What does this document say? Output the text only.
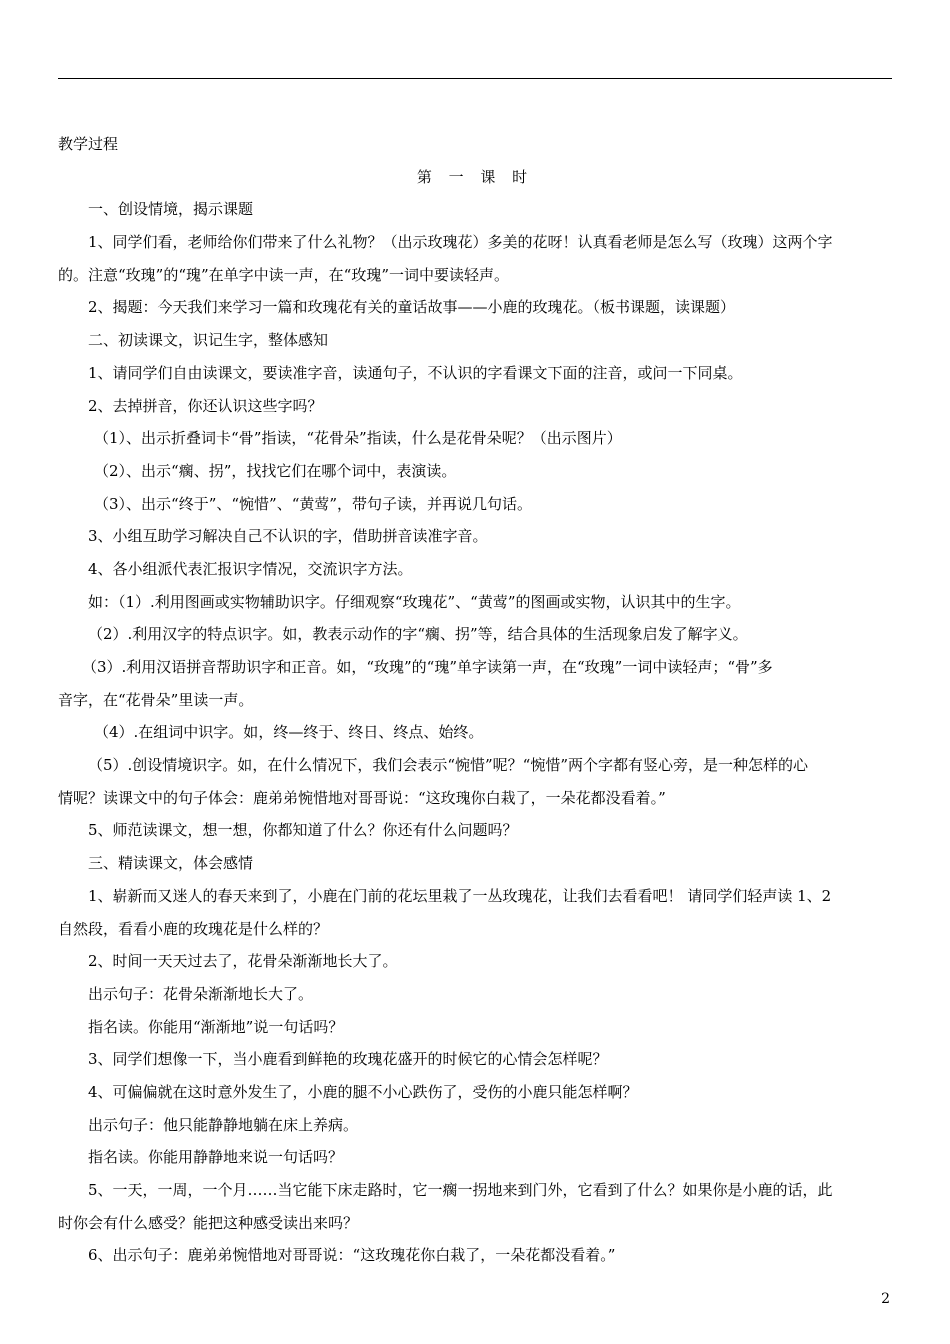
教学过程
第 一 课 时
一、创设情境，揭示课题
1、同学们看，老师给你们带来了什么礼物？（出示玫瑰花）多美的花呀！认真看老师是怎么写（玫瑰）这两个字
的。注意“玫瑰”的“瑰”在单字中读一声，在“玫瑰”一词中要读轻声。
2、揭题：今天我们来学习一篇和玫瑰花有关的童话故事——小鹿的玫瑰花。（板书课题，读课题）
二、初读课文，识记生字，整体感知
1、请同学们自由读课文，要读准字音，读通句子，不认识的字看课文下面的注音，或问一下同桌。
2、去掉拼音，你还认识这些字吗？
（1）、出示折叠词卡“骨”指读，“花骨朵”指读，什么是花骨朵呢？（出示图片）
（2）、出示“瘸、拐”，找找它们在哪个词中，表演读。
（3）、出示“终于”、“惋惜”、“黄莺”，带句子读，并再说几句话。
3、小组互助学习解决自己不认识的字，借助拼音读准字音。
4、各小组派代表汇报识字情况，交流识字方法。
如：（1）.利用图画或实物辅助识字。仔细观察“玫瑰花”、“黄莺”的图画或实物，认识其中的生字。
（2）.利用汉字的特点识字。如，教表示动作的字“瘸、拐”等，结合具体的生活现象启发了解字义。
（3）.利用汉语拼音帮助识字和正音。如，“玫瑰”的“瑰”单字读第一声，在“玫瑰”一词中读轻声；“骨”多
音字，在“花骨朵”里读一声。
（4）.在组词中识字。如，终—终于、终日、终点、始终。
（5）.创设情境识字。如，在什么情况下，我们会表示“惋惜”呢？“惋惜”两个字都有竖心旁，是一种怎样的心
情呢？读课文中的句子体会：鹿弟弟惋惜地对哥哥说：“这玫瑰你白栽了，一朵花都没看着。”
5、师范读课文，想一想，你都知道了什么？你还有什么问题吗？
三、精读课文，体会感情
1、崭新而又迷人的春天来到了，小鹿在门前的花坛里栽了一丛玫瑰花，让我们去看看吧！ 请同学们轻声读 1、2
自然段，看看小鹿的玫瑰花是什么样的？
2、时间一天天过去了，花骨朵渐渐地长大了。
出示句子：花骨朵渐渐地长大了。
指名读。你能用“渐渐地”说一句话吗？
3、同学们想像一下，当小鹿看到鲜艳的玫瑰花盛开的时候它的心情会怎样呢？
4、可偏偏就在这时意外发生了，小鹿的腿不小心跌伤了，受伤的小鹿只能怎样啊？
出示句子：他只能静静地躺在床上养病。
指名读。你能用静静地来说一句话吗？
5、一天，一周，一个月……当它能下床走路时，它一瘸一拐地来到门外，它看到了什么？如果你是小鹿的话，此
时你会有什么感受？能把这种感受读出来吗？
6、出示句子：鹿弟弟惋惜地对哥哥说：“这玫瑰花你白栽了，一朵花都没看着。”
2
